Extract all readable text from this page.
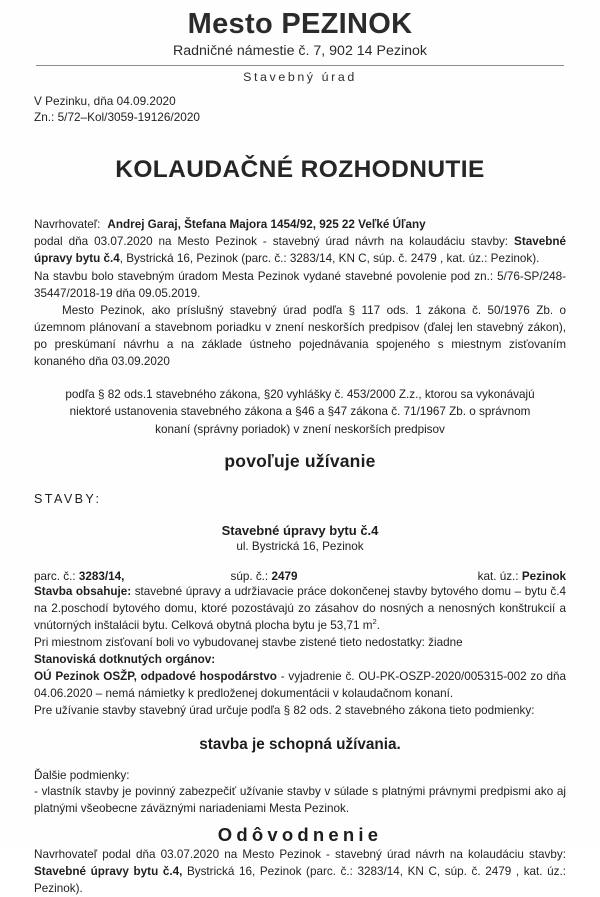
Mesto PEZINOK
Radničné námestie č. 7, 902 14 Pezinok
Stavebný úrad
V Pezinku, dňa 04.09.2020
Zn.: 5/72–Kol/3059-19126/2020
KOLAUDAČNÉ ROZHODNUTIE
Navrhovateľ: Andrej Garaj, Štefana Majora 1454/92, 925 22 Veľké Úľany

podal dňa 03.07.2020 na Mesto Pezinok - stavebný úrad návrh na kolaudáciu stavby: Stavebné úpravy bytu č.4, Bystrická 16, Pezinok (parc. č.: 3283/14, KN C, súp. č. 2479 , kat. úz.: Pezinok).

Na stavbu bolo stavebným úradom Mesta Pezinok vydané stavebné povolenie pod zn.: 5/76-SP/248-35447/2018-19 dňa 09.05.2019.

Mesto Pezinok, ako príslušný stavebný úrad podľa § 117 ods. 1 zákona č. 50/1976 Zb. o územnom plánovaní a stavebnom poriadku v znení neskorších predpisov (ďalej len stavebný zákon), po preskúmaní návrhu a na základe ústneho pojednávania spojeného s miestnym zisťovaním konaného dňa 03.09.2020

podľa § 82 ods.1 stavebného zákona, §20 vyhlášky č. 453/2000 Z.z., ktorou sa vykonávajú niektoré ustanovenia stavebného zákona a §46 a §47 zákona č. 71/1967 Zb. o správnom konaní (správny poriadok) v znení neskorších predpisov
povoľuje užívanie
STAVBY:
Stavebné úpravy bytu č.4
ul. Bystrická 16, Pezinok
parc. č.: 3283/14,	súp. č.: 2479	kat. úz.: Pezinok

Stavba obsahuje: stavebné úpravy a udržiavacie práce dokončenej stavby bytového domu – bytu č.4 na 2.poschodí bytového domu, ktoré pozostávajú zo zásahov do nosných a nenosných konštrukcií a vnútorných inštalácii bytu. Celková obytná plocha bytu je 53,71 $m^2$.

Pri miestnom zisťovaní boli vo vybudovanej stavbe zistené tieto nedostatky: žiadne

Stanoviská dotknutých orgánov:

OÚ Pezinok OSŽP, odpadové hospodárstvo - vyjadrenie č. OU-PK-OSZP-2020/005315-002 zo dňa 04.06.2020 – nemá námietky k predloženej dokumentácii v kolaudačnom konaní.

Pre užívanie stavby stavebný úrad určuje podľa § 82 ods. 2 stavebného zákona tieto podmienky:

stavba je schopná užívania.
Ďalšie podmienky:
- vlastník stavby je povinný zabezpečiť užívanie stavby v súlade s platnými právnymi predpismi ako aj platnými všeobecne záväznými nariadeniami Mesta Pezinok.
Odôvodnenie

Navrhovateľ podal dňa 03.07.2020 na Mesto Pezinok - stavebný úrad návrh na kolaudáciu stavby: Stavebné úpravy bytu č.4, Bystrická 16, Pezinok (parc. č.: 3283/14, KN C, súp. č. 2479 , kat. úz.: Pezinok).
